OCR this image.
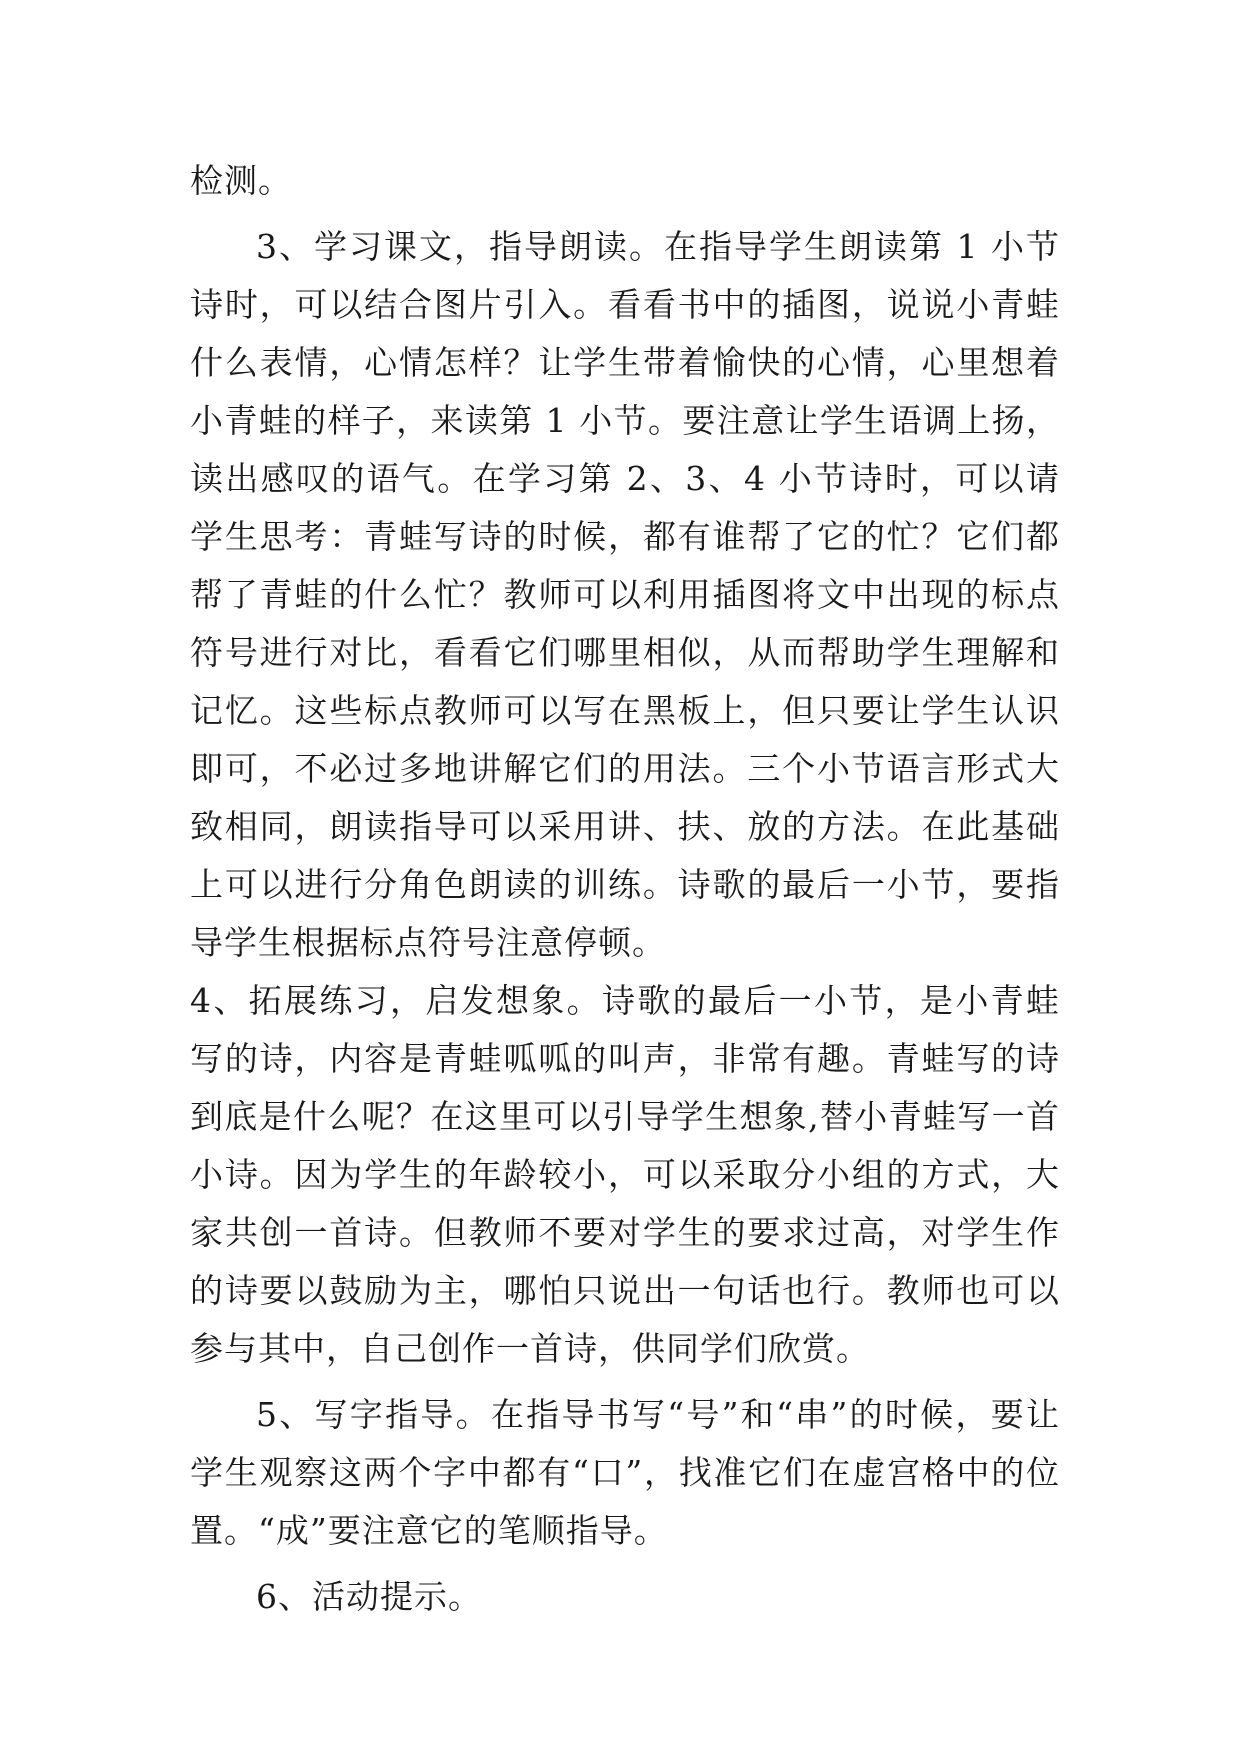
检测。

3、学习课文，指导朗读。在指导学生朗读第 1 小节诗时，可以结合图片引入。看看书中的插图，说说小青蛙什么表情，心情怎样？让学生带着愉快的心情，心里想着小青蛙的样子，来读第 1 小节。要注意让学生语调上扬，读出感叹的语气。在学习第 2、3、4 小节诗时，可以请学生思考：青蛙写诗的时候，都有谁帮了它的忙？它们都帮了青蛙的什么忙？教师可以利用插图将文中出现的标点符号进行对比，看看它们哪里相似，从而帮助学生理解和记忆。这些标点教师可以写在黑板上，但只要让学生认识即可，不必过多地讲解它们的用法。三个小节语言形式大致相同，朗读指导可以采用讲、扶、放的方法。在此基础上可以进行分角色朗读的训练。诗歌的最后一小节，要指导学生根据标点符号注意停顿。

4、拓展练习，启发想象。诗歌的最后一小节，是小青蛙写的诗，内容是青蛙呱呱的叫声，非常有趣。青蛙写的诗到底是什么呢？在这里可以引导学生想象,替小青蛙写一首小诗。因为学生的年龄较小，可以采取分小组的方式，大家共创一首诗。但教师不要对学生的要求过高，对学生作的诗要以鼓励为主，哪怕只说出一句话也行。教师也可以参与其中，自己创作一首诗，供同学们欣赏。

5、写字指导。在指导书写“号”和“串”的时候，要让学生观察这两个字中都有“口”，找准它们在虚宫格中的位置。“成”要注意它的笔顺指导。

6、活动提示。
